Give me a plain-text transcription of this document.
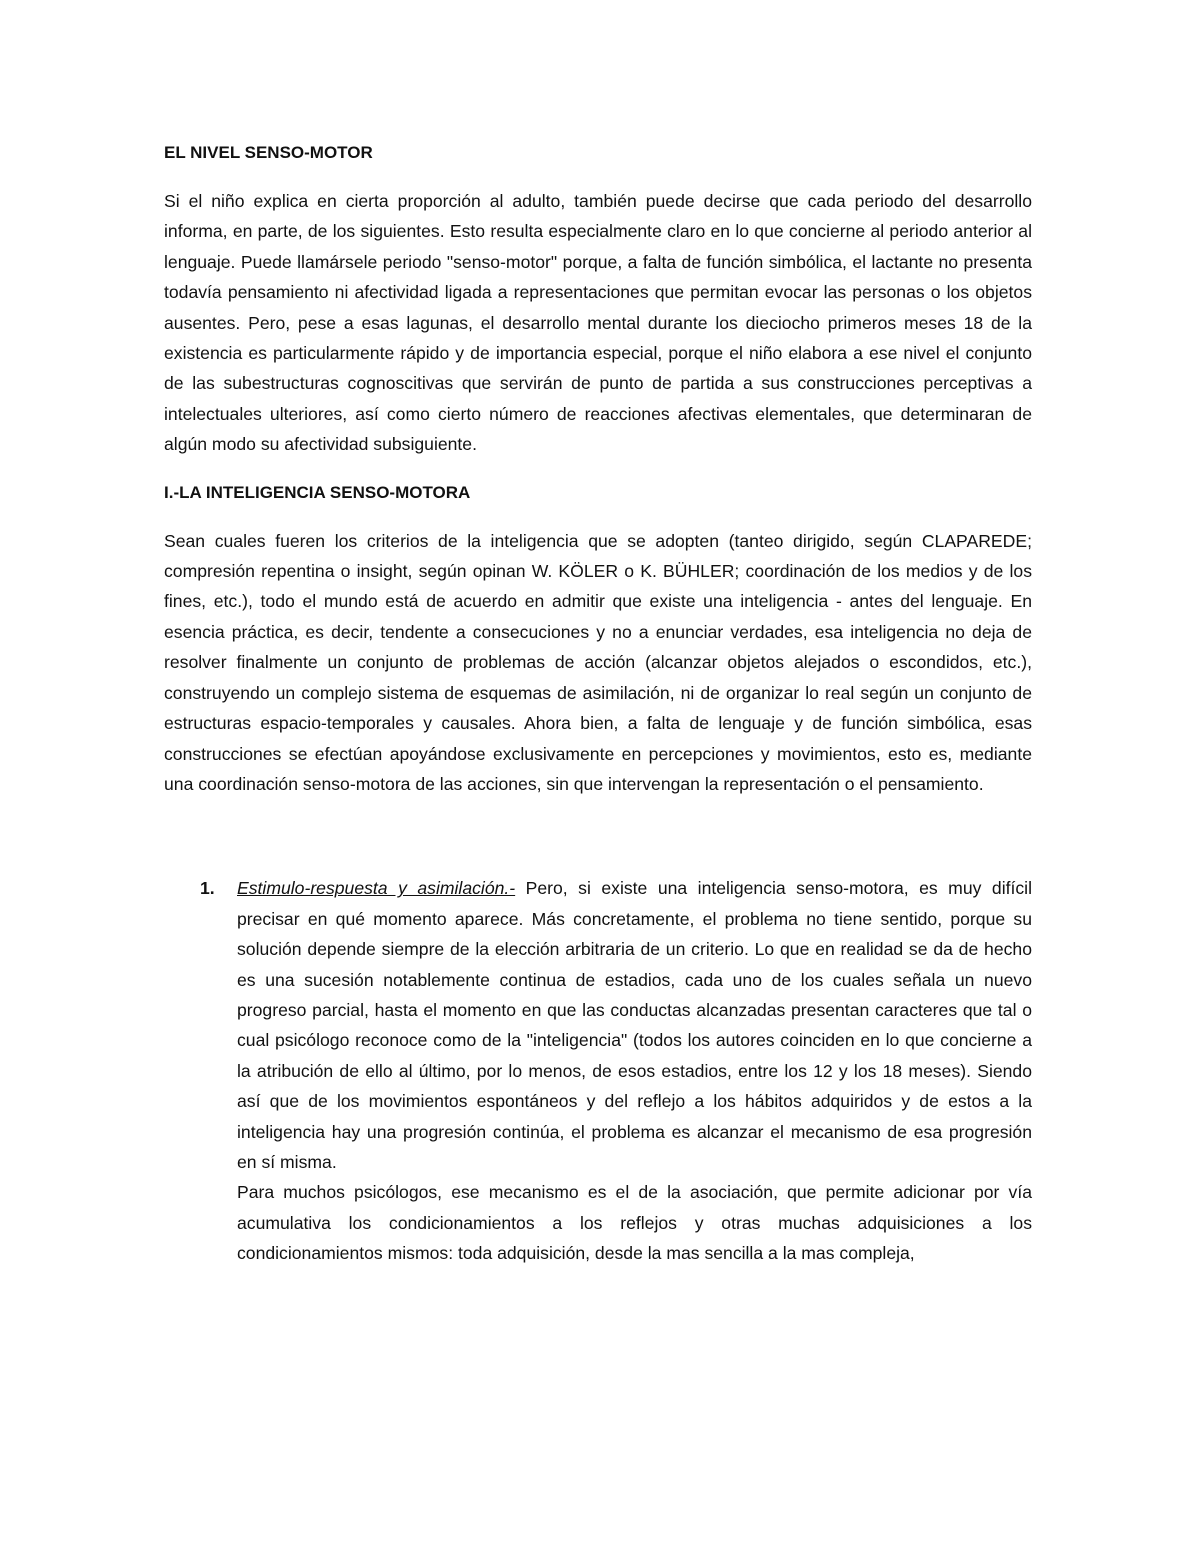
EL NIVEL SENSO-MOTOR

Si el niño explica en cierta proporción al adulto, también puede decirse que cada periodo del desarrollo informa, en parte, de los siguientes. Esto resulta especialmente claro en lo que concierne al periodo anterior al lenguaje. Puede llamársele periodo "senso-motor" porque, a falta de función simbólica, el lactante no presenta todavía pensamiento ni afectividad ligada a representaciones que permitan evocar las personas o los objetos ausentes. Pero, pese a esas lagunas, el desarrollo mental durante los dieciocho primeros meses 18 de la existencia es particularmente rápido y de importancia especial, porque el niño elabora a ese nivel el conjunto de las subestructuras cognoscitivas que servirán de punto de partida a sus construcciones perceptivas a intelectuales ulteriores, así como cierto número de reacciones afectivas elementales, que determinaran de algún modo su afectividad subsiguiente.

I.-LA INTELIGENCIA SENSO-MOTORA

Sean cuales fueren los criterios de la inteligencia que se adopten (tanteo dirigido, según CLAPAREDE; compresión repentina o insight, según opinan W. KÖLER o K. BÜHLER; coordinación de los medios y de los fines, etc.), todo el mundo está de acuerdo en admitir que existe una inteligencia - antes del lenguaje. En esencia práctica, es decir, tendente a consecuciones y no a enunciar verdades, esa inteligencia no deja de resolver finalmente un conjunto de problemas de acción (alcanzar objetos alejados o escondidos, etc.), construyendo un complejo sistema de esquemas de asimilación, ni de organizar lo real según un conjunto de estructuras espacio-temporales y causales. Ahora bien, a falta de lenguaje y de función simbólica, esas construcciones se efectúan apoyándose exclusivamente en percepciones y movimientos, esto es, mediante una coordinación senso-motora de las acciones, sin que intervengan la representación o el pensamiento.

1. Estimulo-respuesta y asimilación.- Pero, si existe una inteligencia senso-motora, es muy difícil precisar en qué momento aparece. Más concretamente, el problema no tiene sentido, porque su solución depende siempre de la elección arbitraria de un criterio. Lo que en realidad se da de hecho es una sucesión notablemente continua de estadios, cada uno de los cuales señala un nuevo progreso parcial, hasta el momento en que las conductas alcanzadas presentan caracteres que tal o cual psicólogo reconoce como de la "inteligencia" (todos los autores coinciden en lo que concierne a la atribución de ello al último, por lo menos, de esos estadios, entre los 12 y los 18 meses). Siendo así que de los movimientos espontáneos y del reflejo a los hábitos adquiridos y de estos a la inteligencia hay una progresión continúa, el problema es alcanzar el mecanismo de esa progresión en sí misma.

Para muchos psicólogos, ese mecanismo es el de la asociación, que permite adicionar por vía acumulativa los condicionamientos a los reflejos y otras muchas adquisiciones a los condicionamientos mismos: toda adquisición, desde la mas sencilla a la mas compleja,
